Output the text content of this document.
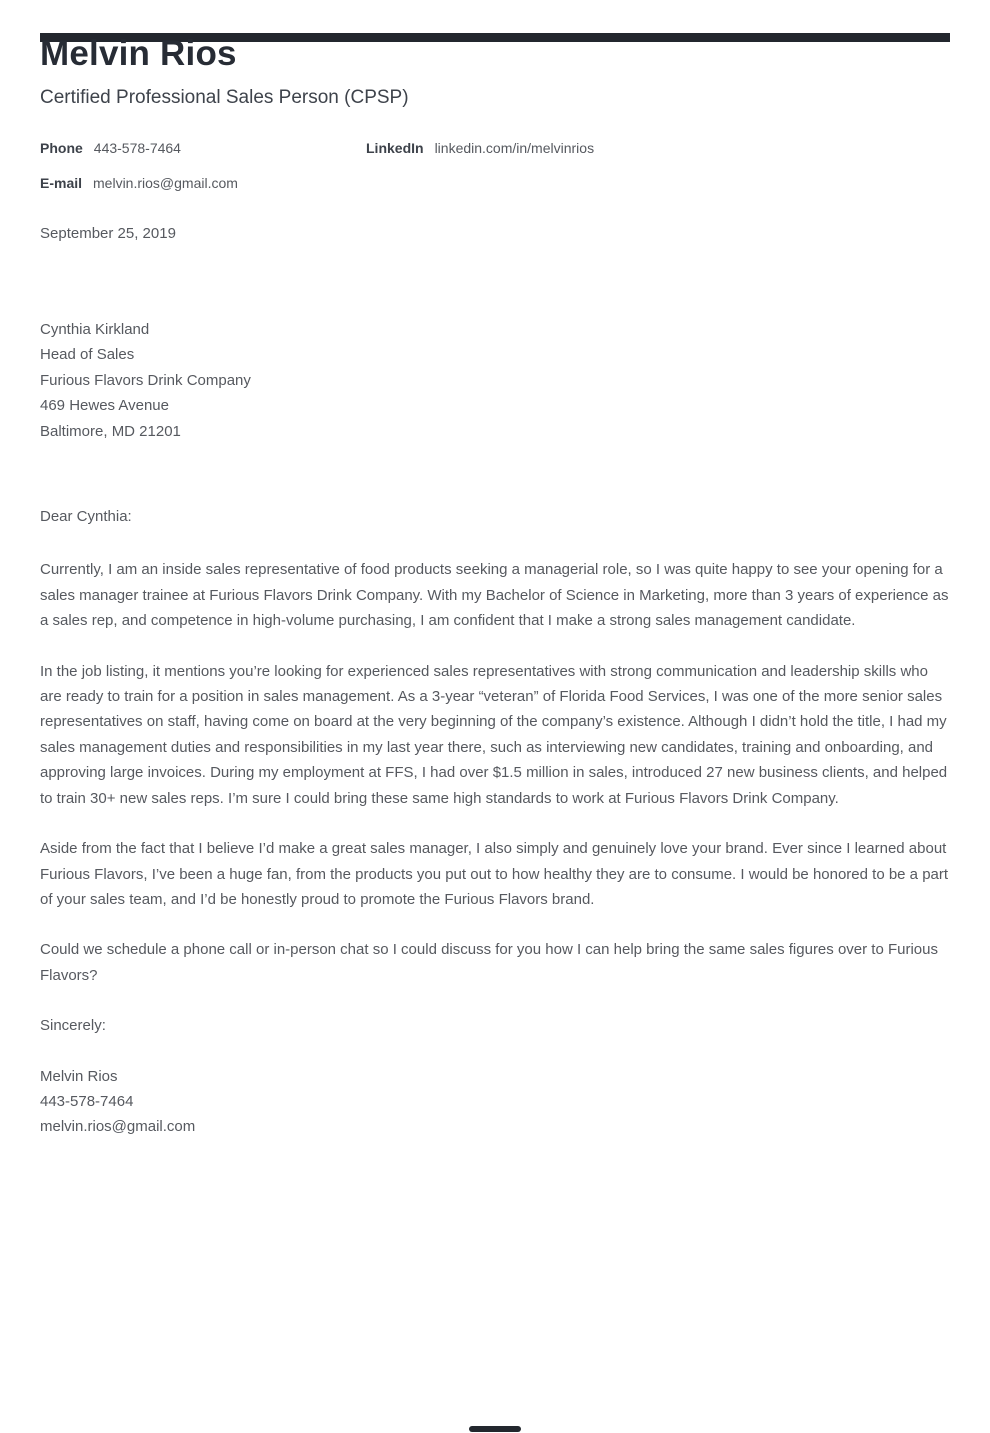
Melvin Rios
Certified Professional Sales Person (CPSP)
Phone 443-578-7464	LinkedIn linkedin.com/in/melvinrios
E-mail melvin.rios@gmail.com
September 25, 2019
Cynthia Kirkland
Head of Sales
Furious Flavors Drink Company
469 Hewes Avenue
Baltimore, MD 21201

Dear Cynthia:

Currently, I am an inside sales representative of food products seeking a managerial role, so I was quite happy to see your opening for a sales manager trainee at Furious Flavors Drink Company. With my Bachelor of Science in Marketing, more than 3 years of experience as a sales rep, and competence in high-volume purchasing, I am confident that I make a strong sales management candidate.

In the job listing, it mentions you’re looking for experienced sales representatives with strong communication and leadership skills who are ready to train for a position in sales management. As a 3-year “veteran” of Florida Food Services, I was one of the more senior sales representatives on staff, having come on board at the very beginning of the company’s existence. Although I didn’t hold the title, I had my sales management duties and responsibilities in my last year there, such as interviewing new candidates, training and onboarding, and approving large invoices. During my employment at FFS, I had over $1.5 million in sales, introduced 27 new business clients, and helped to train 30+ new sales reps. I’m sure I could bring these same high standards to work at Furious Flavors Drink Company.

Aside from the fact that I believe I’d make a great sales manager, I also simply and genuinely love your brand. Ever since I learned about Furious Flavors, I’ve been a huge fan, from the products you put out to how healthy they are to consume. I would be honored to be a part of your sales team, and I’d be honestly proud to promote the Furious Flavors brand.

Could we schedule a phone call or in-person chat so I could discuss for you how I can help bring the same sales figures over to Furious Flavors?

Sincerely:

Melvin Rios
443-578-7464
melvin.rios@gmail.com
